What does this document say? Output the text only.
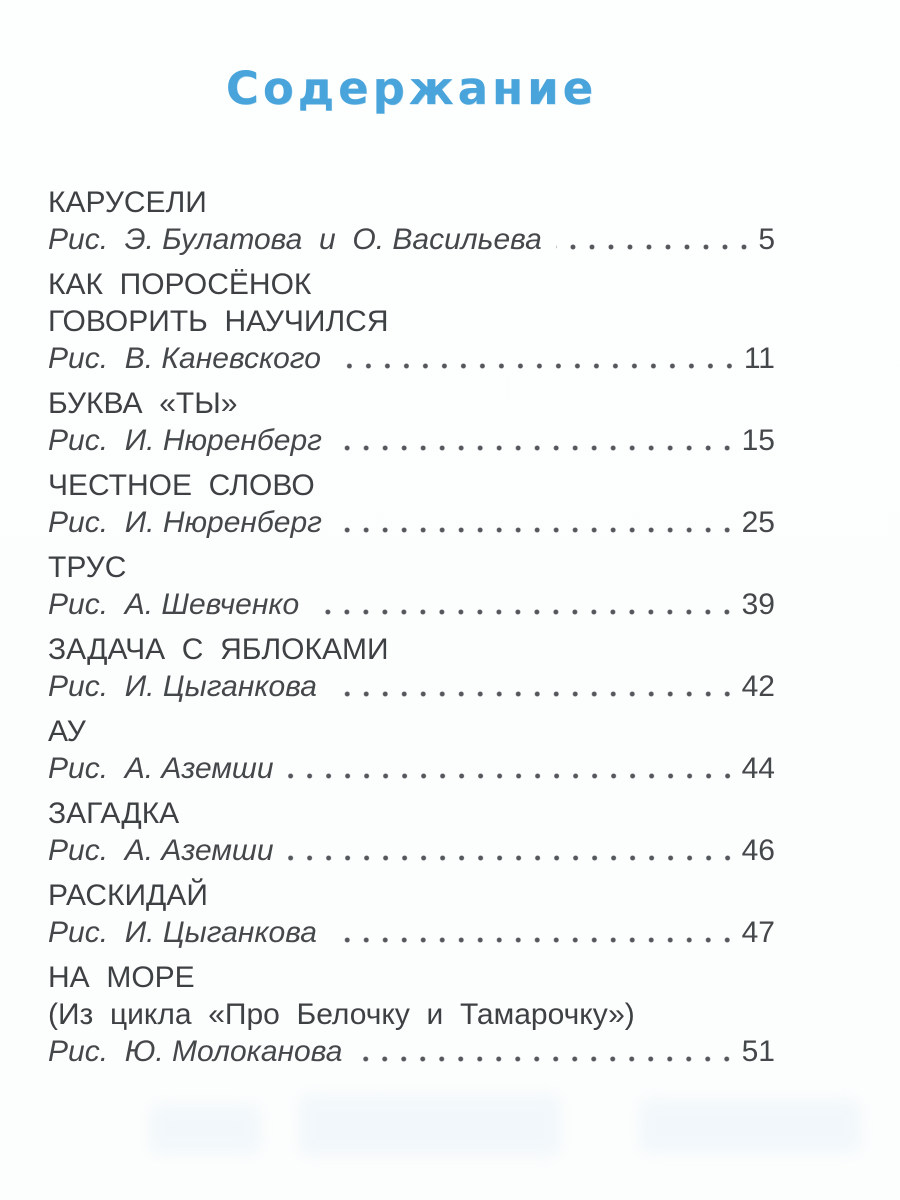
Содержание
КАРУСЕЛИ
Рис.  Э. Булатова  и  О. Васильева	5
КАК  ПОРОСЁНОК
ГОВОРИТЬ  НАУЧИЛСЯ
Рис.  В. Каневского	11
БУКВА  «ТЫ»
Рис.  И. Нюренберг	15
ЧЕСТНОЕ  СЛОВО
Рис.  И. Нюренберг	25
ТРУС
Рис.  А. Шевченко	39
ЗАДАЧА  С  ЯБЛОКАМИ
Рис.  И. Цыганкова	42
АУ
Рис.  А. Аземши	44
ЗАГАДКА
Рис.  А. Аземши	46
РАСКИДАЙ
Рис.  И. Цыганкова	47
НА  МОРЕ
(Из  цикла  «Про  Белочку  и  Тамарочку»)
Рис.  Ю. Молоканова	51
